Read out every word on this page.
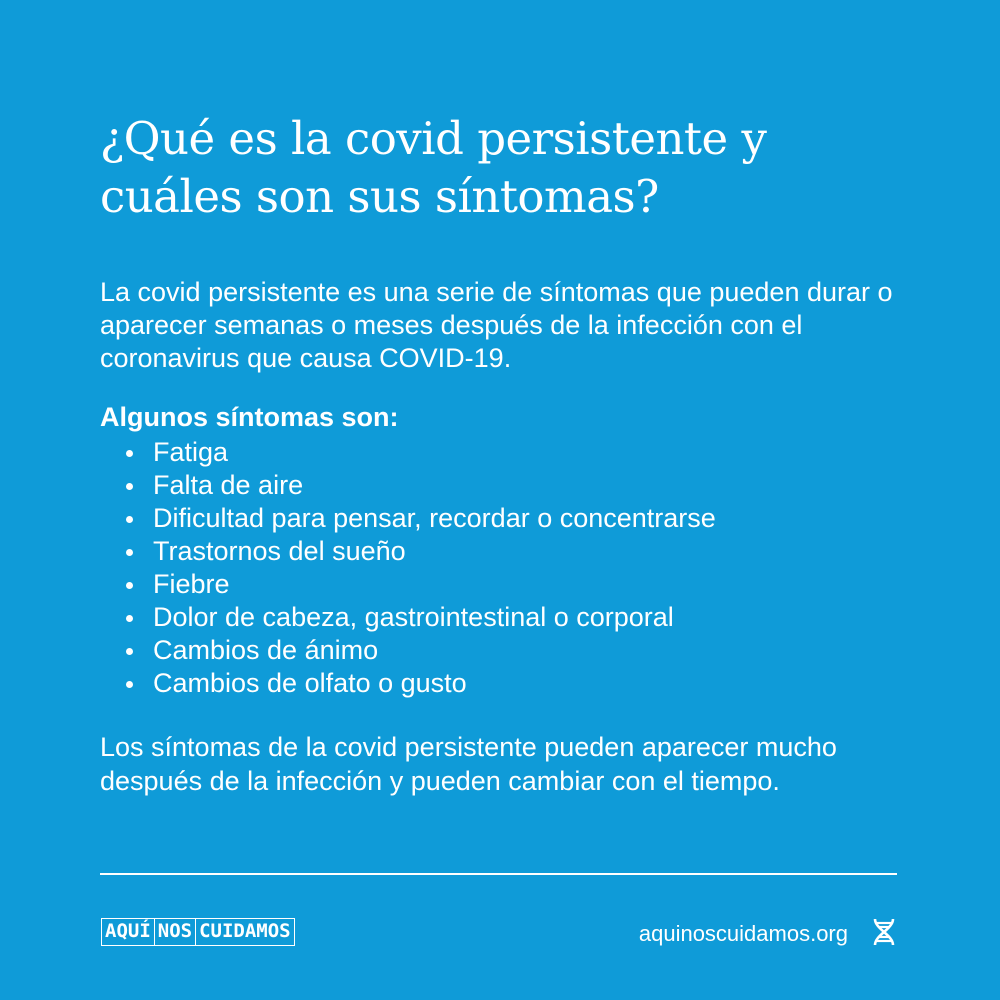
¿Qué es la covid persistente y cuáles son sus síntomas?

La covid persistente es una serie de síntomas que pueden durar o aparecer semanas o meses después de la infección con el coronavirus que causa COVID-19.

Algunos síntomas son:

Fatiga
Falta de aire
Dificultad para pensar, recordar o concentrarse
Trastornos del sueño
Fiebre
Dolor de cabeza, gastrointestinal o corporal
Cambios de ánimo
Cambios de olfato o gusto

Los síntomas de la covid persistente pueden aparecer mucho después de la infección y pueden cambiar con el tiempo.

AQUÍ NOS CUIDAMOS	aquinoscuidamos.org
